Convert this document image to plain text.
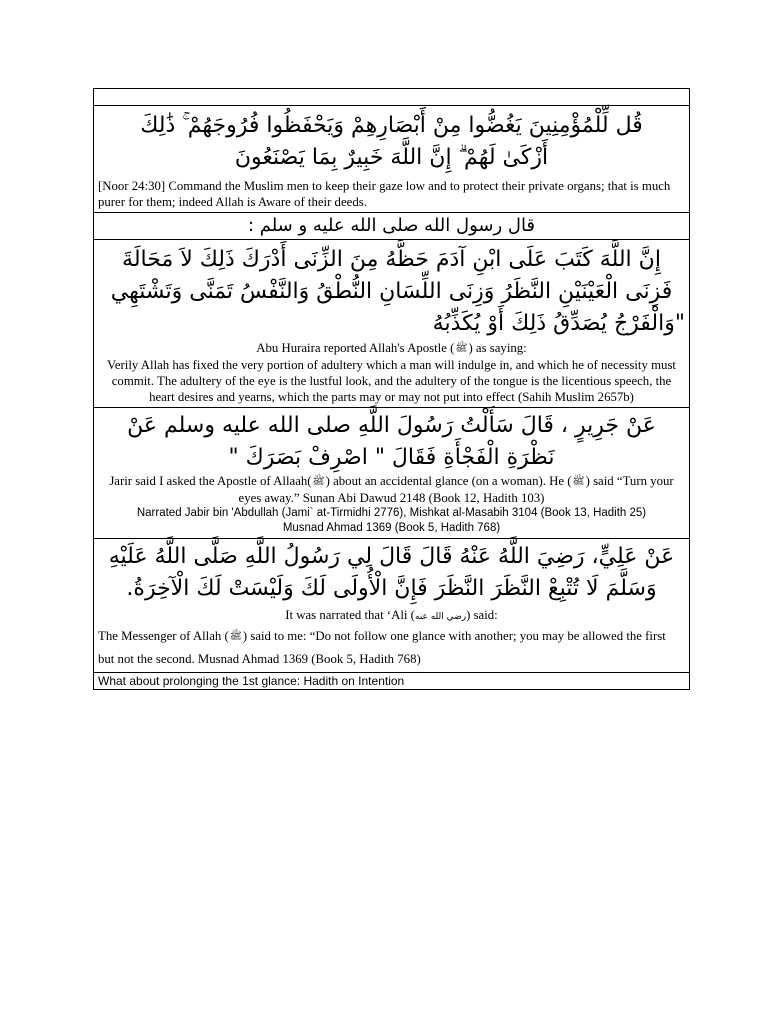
قُل لِّلْمُؤْمِنِينَ يَغُضُّوا مِنْ أَبْصَارِهِمْ وَيَحْفَظُوا فُرُوجَهُمْ ۚ ذَٰلِكَ

أَزْكَىٰ لَهُمْ ۗ إِنَّ اللَّهَ خَبِيرٌ بِمَا يَصْنَعُونَ

[Noor 24:30] Command the Muslim men to keep their gaze low and to protect their private organs; that is much purer for them; indeed Allah is Aware of their deeds.

قال رسول الله صلى الله عليه و سلم :

إِنَّ اللَّهَ كَتَبَ عَلَى ابْنِ آدَمَ حَظَّهُ مِنَ الزِّنَى أَدْرَكَ ذَلِكَ لاَ مَحَالَةَ

فَزِنَى الْعَيْنَيْنِ النَّظَرُ وَزِنَى اللِّسَانِ النُّطْقُ وَالنَّفْسُ تَمَنَّى وَتَشْتَهِي

"وَالْفَرْجُ يُصَدِّقُ ذَلِكَ أَوْ يُكَذِّبُهُ

Abu Huraira reported Allah's Apostle (ﷺ) as saying:

Verily Allah has fixed the very portion of adultery which a man will indulge in, and which he of necessity must commit. The adultery of the eye is the lustful look, and the adultery of the tongue is the licentious speech, the heart desires and yearns, which the parts may or may not put into effect (Sahih Muslim 2657b)

عَنْ جَرِيرٍ ، قَالَ سَأَلْتُ رَسُولَ اللَّهِ صلى الله عليه وسلم عَنْ

نَظْرَةِ الْفَجْأَةِ فَقَالَ " اصْرِفْ بَصَرَكَ "

Jarir said I asked the Apostle of Allaah(ﷺ) about an accidental glance (on a woman). He (ﷺ) said “Turn your eyes away.” Sunan Abi Dawud 2148 (Book 12, Hadith 103)

Narrated Jabir bin 'Abdullah (Jami` at-Tirmidhi 2776), Mishkat al-Masabih 3104 (Book 13, Hadith 25)

Musnad Ahmad 1369 (Book 5, Hadith 768)

عَنْ عَلِيٍّ، رَضِيَ اللَّهُ عَنْهُ قَالَ قَالَ لِي رَسُولُ اللَّهِ صَلَّى اللَّهُ عَلَيْهِ

وَسَلَّمَ لَا تُتْبِعْ النَّظَرَ النَّظَرَ فَإِنَّ الْأُولَى لَكَ وَلَيْسَتْ لَكَ الْآخِرَةُ.

It was narrated that ‘Ali (رضي الله عنه) said:

The Messenger of Allah (ﷺ) said to me: “Do not follow one glance with another; you may be allowed the first but not the second. Musnad Ahmad 1369 (Book 5, Hadith 768)

What about prolonging the 1st glance: Hadith on Intention
